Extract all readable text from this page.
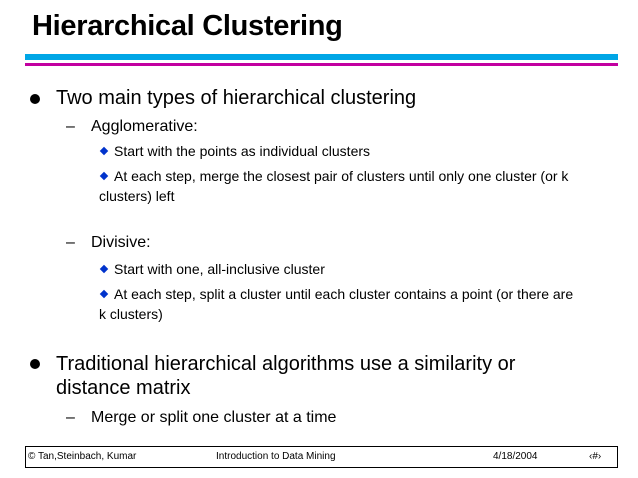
Hierarchical Clustering
Two main types of hierarchical clustering
– Agglomerative:
Start with the points as individual clusters
At each step, merge the closest pair of clusters until only one cluster (or k clusters) left
– Divisive:
Start with one, all-inclusive cluster
At each step, split a cluster until each cluster contains a point (or there are k clusters)
Traditional hierarchical algorithms use a similarity or distance matrix
– Merge or split one cluster at a time
© Tan,Steinbach, Kumar	Introduction to Data Mining	4/18/2004	‹#›
